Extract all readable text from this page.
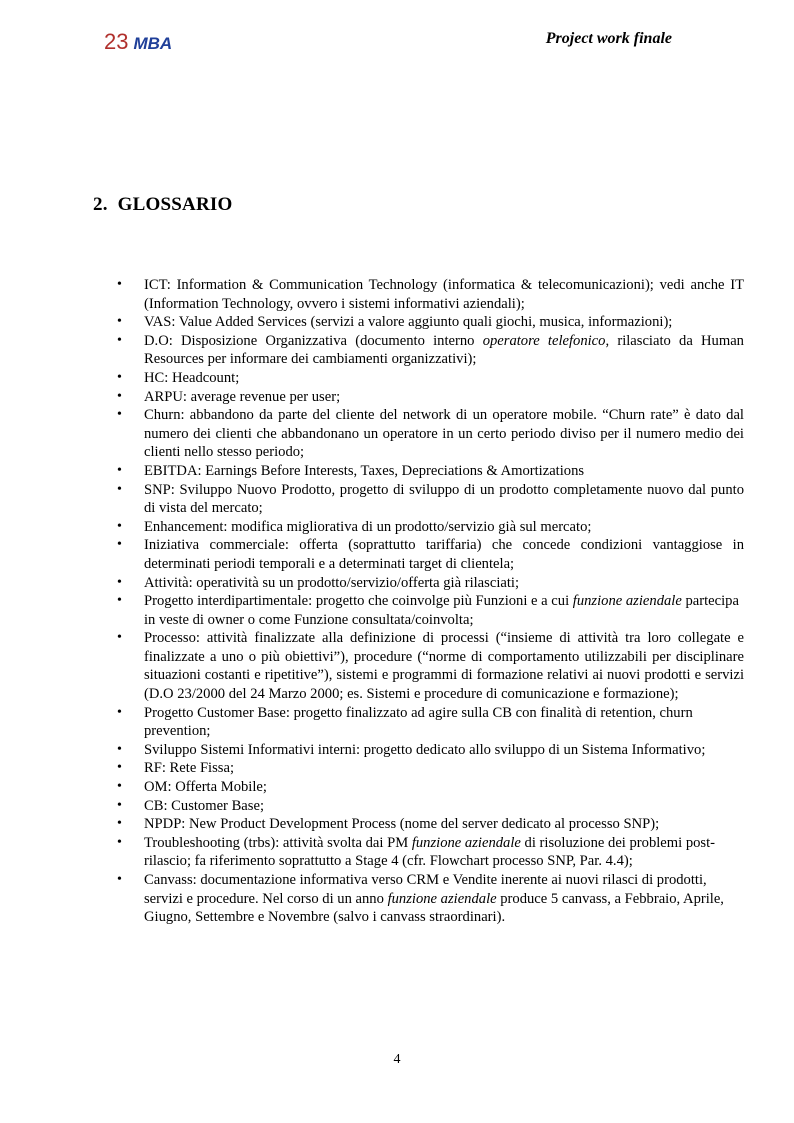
23 MBA	Project work finale
2. GLOSSARIO
• ICT: Information & Communication Technology (informatica & telecomunicazioni); vedi anche IT (Information Technology, ovvero i sistemi informativi aziendali);
• VAS: Value Added Services (servizi a valore aggiunto quali giochi, musica, informazioni);
• D.O: Disposizione Organizzativa (documento interno operatore telefonico, rilasciato da Human Resources per informare dei cambiamenti organizzativi);
• HC: Headcount;
• ARPU: average revenue per user;
• Churn: abbandono da parte del cliente del network di un operatore mobile. “Churn rate” è dato dal numero dei clienti che abbandonano un operatore in un certo periodo diviso per il numero medio dei clienti nello stesso periodo;
• EBITDA: Earnings Before Interests, Taxes, Depreciations & Amortizations
• SNP: Sviluppo Nuovo Prodotto, progetto di sviluppo di un prodotto completamente nuovo dal punto di vista del mercato;
• Enhancement: modifica migliorativa di un prodotto/servizio già sul mercato;
• Iniziativa commerciale: offerta (soprattutto tariffaria) che concede condizioni vantaggiose in determinati periodi temporali e a determinati target di clientela;
• Attività: operatività su un prodotto/servizio/offerta già rilasciati;
• Progetto interdipartimentale: progetto che coinvolge più Funzioni e a cui funzione aziendale partecipa in veste di owner o come Funzione consultata/coinvolta;
• Processo: attività finalizzate alla definizione di processi (“insieme di attività tra loro collegate e finalizzate a uno o più obiettivi”), procedure (“norme di comportamento utilizzabili per disciplinare situazioni costanti e ripetitive”), sistemi e programmi di formazione relativi ai nuovi prodotti e servizi (D.O 23/2000 del 24 Marzo 2000; es. Sistemi e procedure di comunicazione e formazione);
• Progetto Customer Base: progetto finalizzato ad agire sulla CB con finalità di retention, churn prevention;
• Sviluppo Sistemi Informativi interni: progetto dedicato allo sviluppo di un Sistema Informativo;
• RF: Rete Fissa;
• OM: Offerta Mobile;
• CB: Customer Base;
• NPDP: New Product Development Process (nome del server dedicato al processo SNP);
• Troubleshooting (trbs): attività svolta dai PM funzione aziendale di risoluzione dei problemi post-rilascio; fa riferimento soprattutto a Stage 4 (cfr. Flowchart processo SNP, Par. 4.4);
• Canvass: documentazione informativa verso CRM e Vendite inerente ai nuovi rilasci di prodotti, servizi e procedure. Nel corso di un anno funzione aziendale produce 5 canvass, a Febbraio, Aprile, Giugno, Settembre e Novembre (salvo i canvass straordinari).
4
